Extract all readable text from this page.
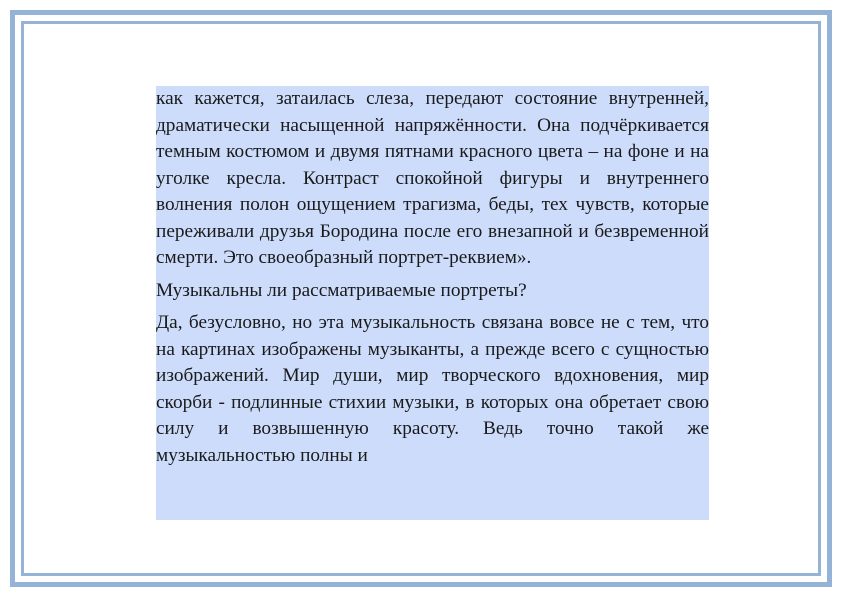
как кажется, затаилась слеза, передают состояние внутренней, драматически насыщенной напряжённости. Она подчёркивается темным костюмом и двумя пятнами красного цвета – на фоне и на уголке кресла. Контраст спокойной фигуры и внутреннего волнения полон ощущением трагизма, беды, тех чувств, которые переживали друзья Бородина после его внезапной и безвременной смерти. Это своеобразный портрет-реквием».

Музыкальны ли рассматриваемые портреты?

Да, безусловно, но эта музыкальность связана вовсе не с тем, что на картинах изображены музыканты, а прежде всего с сущностью изображений. Мир души, мир творческого вдохновения, мир скорби - подлинные стихии музыки, в которых она обретает свою силу и возвышенную красоту. Ведь точно такой же музыкальностью полны и
